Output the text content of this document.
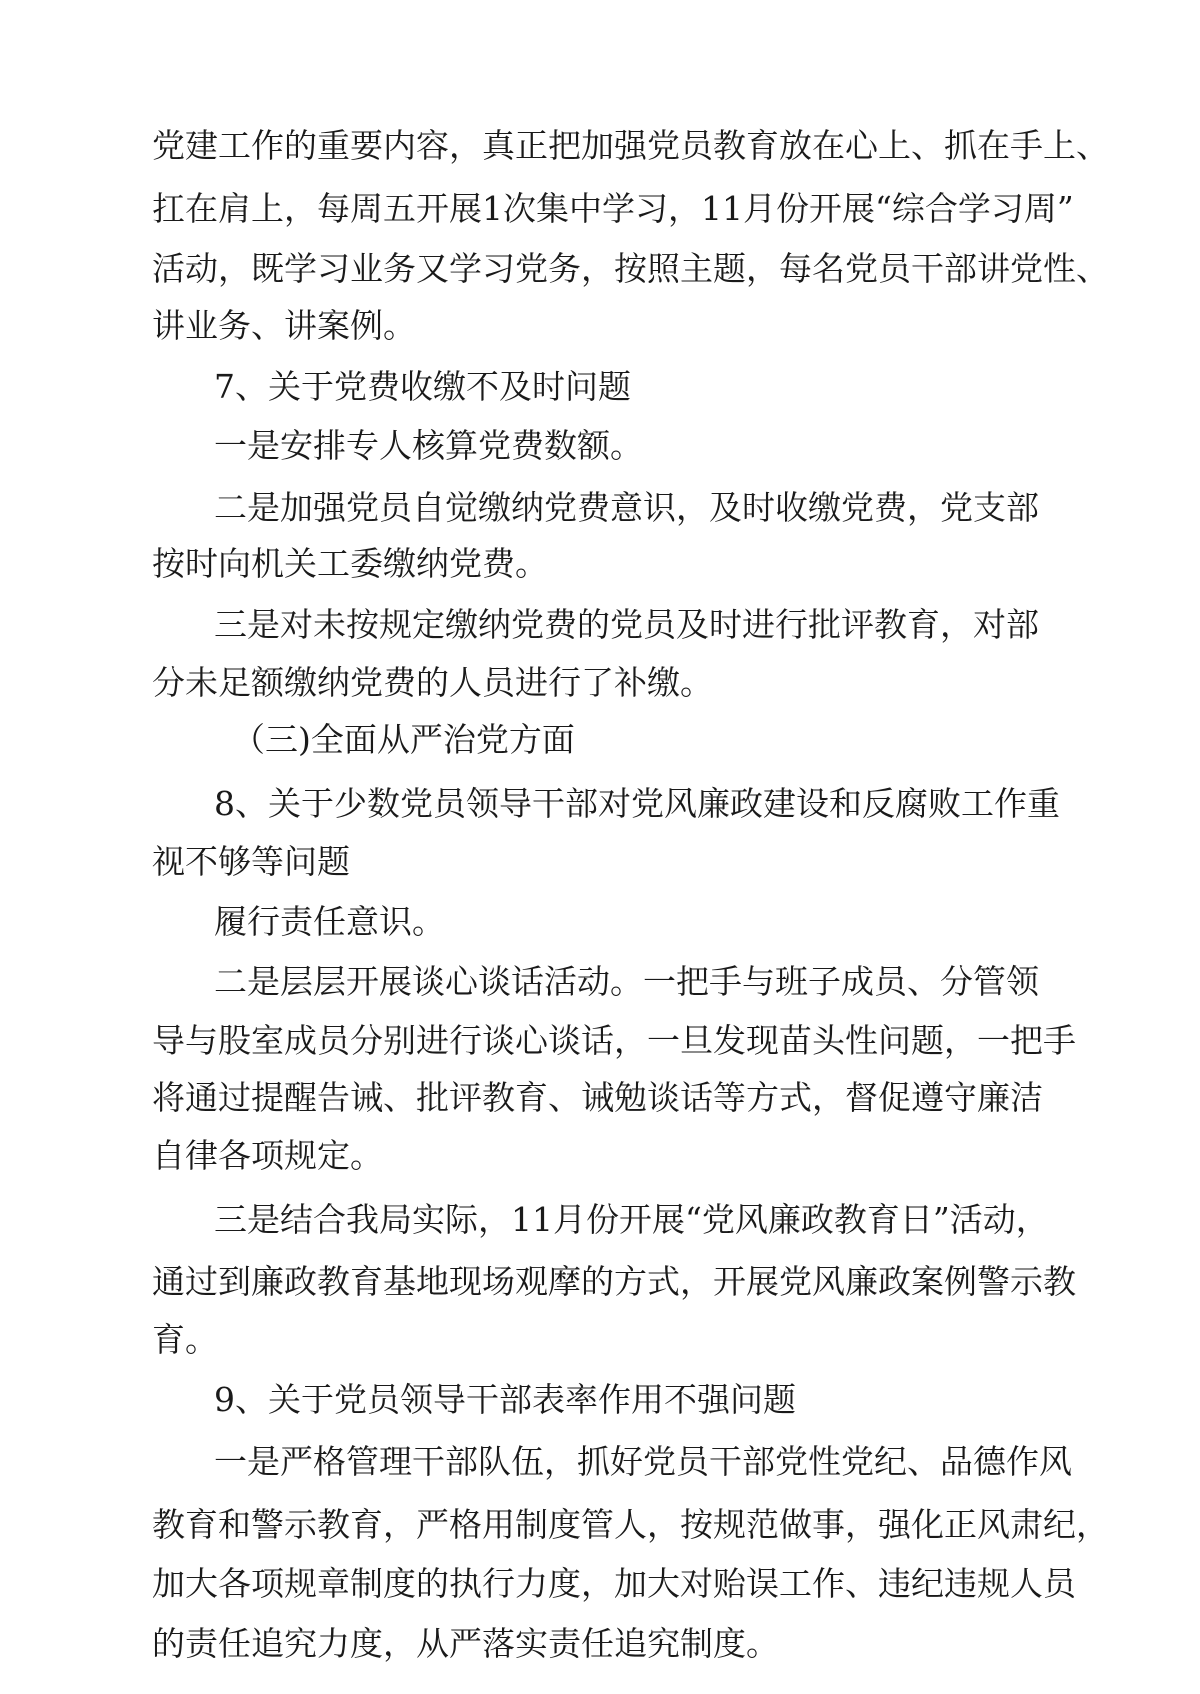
党建工作的重要内容，真正把加强党员教育放在心上、抓在手上、

扛在肩上，每周五开展1次集中学习，11月份开展“综合学习周”

活动，既学习业务又学习党务，按照主题，每名党员干部讲党性、

讲业务、讲案例。

7、关于党费收缴不及时问题

一是安排专人核算党费数额。

二是加强党员自觉缴纳党费意识，及时收缴党费，党支部

按时向机关工委缴纳党费。

三是对未按规定缴纳党费的党员及时进行批评教育，对部

分未足额缴纳党费的人员进行了补缴。

（三)全面从严治党方面

8、关于少数党员领导干部对党风廉政建设和反腐败工作重

视不够等问题

履行责任意识。

二是层层开展谈心谈话活动。一把手与班子成员、分管领

导与股室成员分别进行谈心谈话，一旦发现苗头性问题，一把手

将通过提醒告诫、批评教育、诫勉谈话等方式，督促遵守廉洁

自律各项规定。

三是结合我局实际，11月份开展“党风廉政教育日”活动，

通过到廉政教育基地现场观摩的方式，开展党风廉政案例警示教

育。

9、关于党员领导干部表率作用不强问题

一是严格管理干部队伍，抓好党员干部党性党纪、品德作风

教育和警示教育，严格用制度管人，按规范做事，强化正风肃纪，

加大各项规章制度的执行力度，加大对贻误工作、违纪违规人员

的责任追究力度，从严落实责任追究制度。
